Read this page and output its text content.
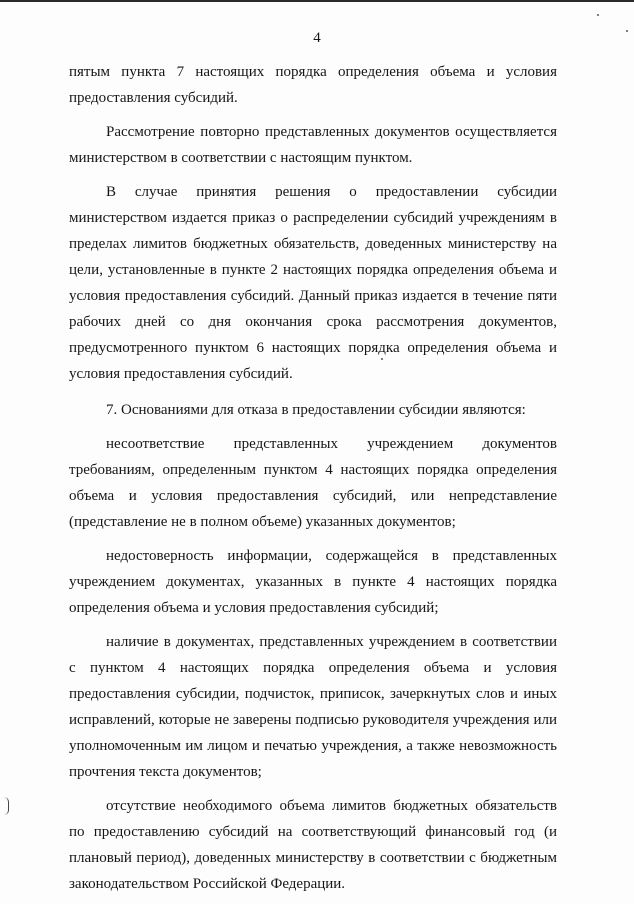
4

пятым пункта 7 настоящих порядка определения объема и условия предоставления субсидий.

Рассмотрение повторно представленных документов осуществляется министерством в соответствии с настоящим пунктом.

В случае принятия решения о предоставлении субсидии министерством издается приказ о распределении субсидий учреждениям в пределах лимитов бюджетных обязательств, доведенных министерству на цели, установленные в пункте 2 настоящих порядка определения объема и условия предоставления субсидий. Данный приказ издается в течение пяти рабочих дней со дня окончания срока рассмотрения документов, предусмотренного пунктом 6 настоящих порядка определения объема и условия предоставления субсидий.

7. Основаниями для отказа в предоставлении субсидии являются:

несоответствие представленных учреждением документов требованиям, определенным пунктом 4 настоящих порядка определения объема и условия предоставления субсидий, или непредставление (представление не в полном объеме) указанных документов;

недостоверность информации, содержащейся в представленных учреждением документах, указанных в пункте 4 настоящих порядка определения объема и условия предоставления субсидий;

наличие в документах, представленных учреждением в соответствии с пунктом 4 настоящих порядка определения объема и условия предоставления субсидии, подчисток, приписок, зачеркнутых слов и иных исправлений, которые не заверены подписью руководителя учреждения или уполномоченным им лицом и печатью учреждения, а также невозможность прочтения текста документов;

отсутствие необходимого объема лимитов бюджетных обязательств по предоставлению субсидий на соответствующий финансовый год (и плановый период), доведенных министерству в соответствии с бюджетным законодательством Российской Федерации.
